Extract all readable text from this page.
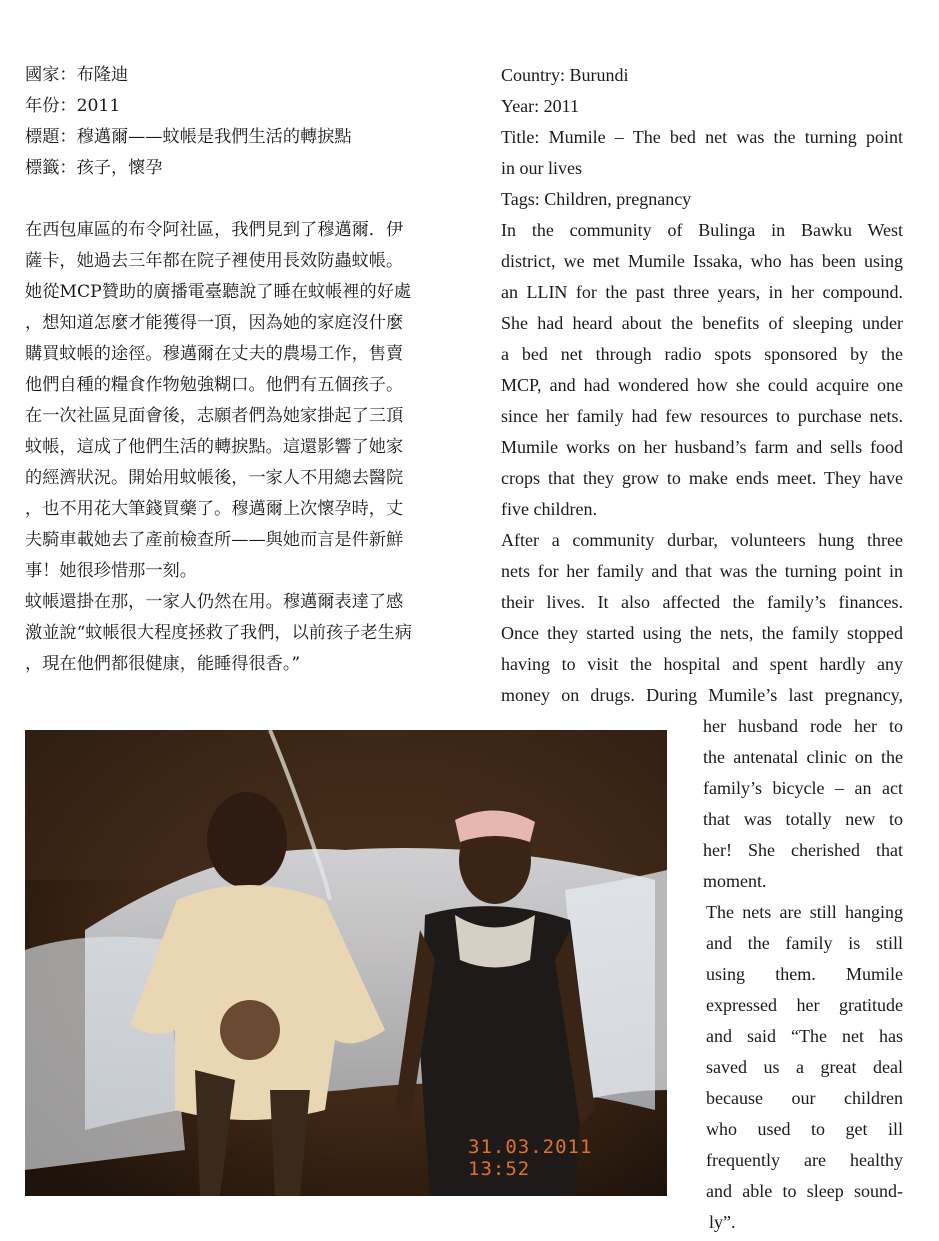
國家：布隆迪
年份：2011
標題：穆邁爾——蚊帳是我們生活的轉捩點
標籤：孩子，懷孕
在西包庫區的布令阿社區，我們見到了穆邁爾．伊
薩卡，她過去三年都在院子裡使用長效防蟲蚊帳。
她從MCP贊助的廣播電臺聽說了睡在蚊帳裡的好處
，想知道怎麼才能獲得一頂，因為她的家庭沒什麼
購買蚊帳的途徑。穆邁爾在丈夫的農場工作，售賣
他們自種的糧食作物勉強糊口。他們有五個孩子。
在一次社區見面會後，志願者們為她家掛起了三頂
蚊帳，這成了他們生活的轉捩點。這還影響了她家
的經濟狀況。開始用蚊帳後，一家人不用總去醫院
，也不用花大筆錢買藥了。穆邁爾上次懷孕時，丈
夫騎車載她去了產前檢查所——與她而言是件新鮮
事！她很珍惜那一刻。
蚊帳還掛在那，一家人仍然在用。穆邁爾表達了感
激並說“蚊帳很大程度拯救了我們，以前孩子老生病
，現在他們都很健康，能睡得很香。”
Country: Burundi
Year: 2011
Title: Mumile – The bed net was the turning point
in our lives
Tags: Children, pregnancy
In the community of Bulinga in Bawku West
district, we met Mumile Issaka, who has been using
an LLIN for the past three years, in her compound.
She had heard about the benefits of sleeping under
a bed net through radio spots sponsored by the
MCP, and had wondered how she could acquire one
since her family had few resources to purchase nets.
Mumile works on her husband’s farm and sells food
crops that they grow to make ends meet. They have
five children.
After a community durbar, volunteers hung three
nets for her family and that was the turning point in
their lives. It also affected the family’s finances.
Once they started using the nets, the family stopped
having to visit the hospital and spent hardly any
money on drugs. During Mumile’s last pregnancy,
her husband rode her to
the antenatal clinic on the
family’s bicycle – an act
that was totally new to
her! She cherished that
moment.
The nets are still hanging
and the family is still
using them. Mumile
expressed her gratitude
and said “The net has
saved us a great deal
because our children
who used to get ill
frequently are healthy
and able to sleep sound-
ly”.
31.03.2011 13:52
